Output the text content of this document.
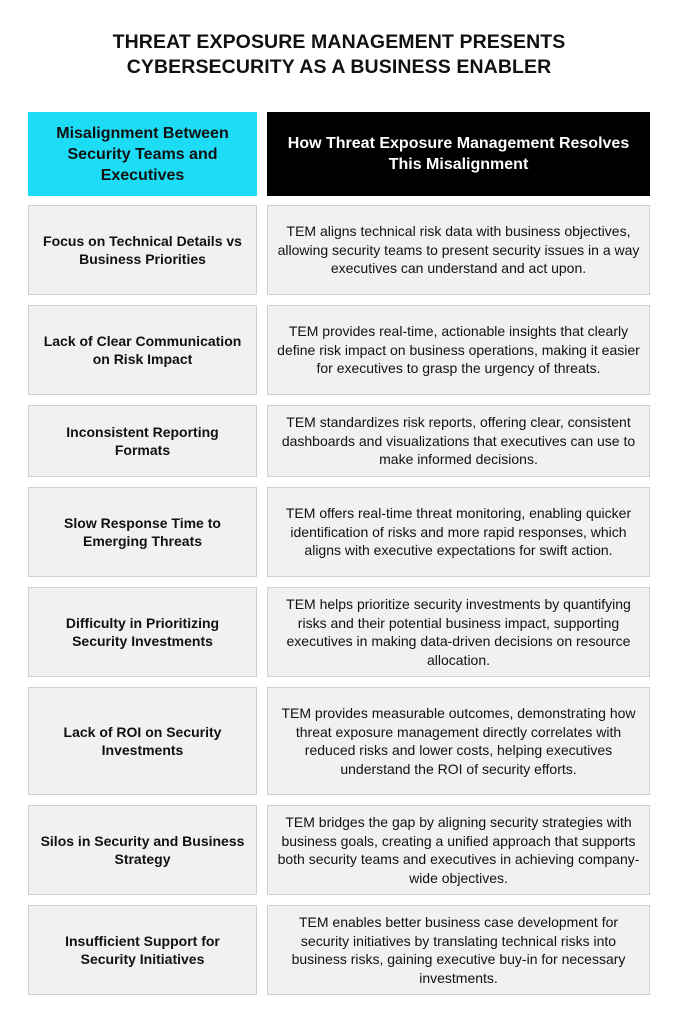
THREAT EXPOSURE MANAGEMENT PRESENTS
CYBERSECURITY AS A BUSINESS ENABLER
Misalignment Between Security Teams and Executives
How Threat Exposure Management Resolves This Misalignment
Focus on Technical Details vs Business Priorities
TEM aligns technical risk data with business objectives, allowing security teams to present security issues in a way executives can understand and act upon.
Lack of Clear Communication on Risk Impact
TEM provides real-time, actionable insights that clearly define risk impact on business operations, making it easier for executives to grasp the urgency of threats.
Inconsistent Reporting Formats
TEM standardizes risk reports, offering clear, consistent dashboards and visualizations that executives can use to make informed decisions.
Slow Response Time to Emerging Threats
TEM offers real-time threat monitoring, enabling quicker identification of risks and more rapid responses, which aligns with executive expectations for swift action.
Difficulty in Prioritizing Security Investments
TEM helps prioritize security investments by quantifying risks and their potential business impact, supporting executives in making data-driven decisions on resource allocation.
Lack of ROI on Security Investments
TEM provides measurable outcomes, demonstrating how threat exposure management directly correlates with reduced risks and lower costs, helping executives understand the ROI of security efforts.
Silos in Security and Business Strategy
TEM bridges the gap by aligning security strategies with business goals, creating a unified approach that supports both security teams and executives in achieving company-wide objectives.
Insufficient Support for Security Initiatives
TEM enables better business case development for security initiatives by translating technical risks into business risks, gaining executive buy-in for necessary investments.
